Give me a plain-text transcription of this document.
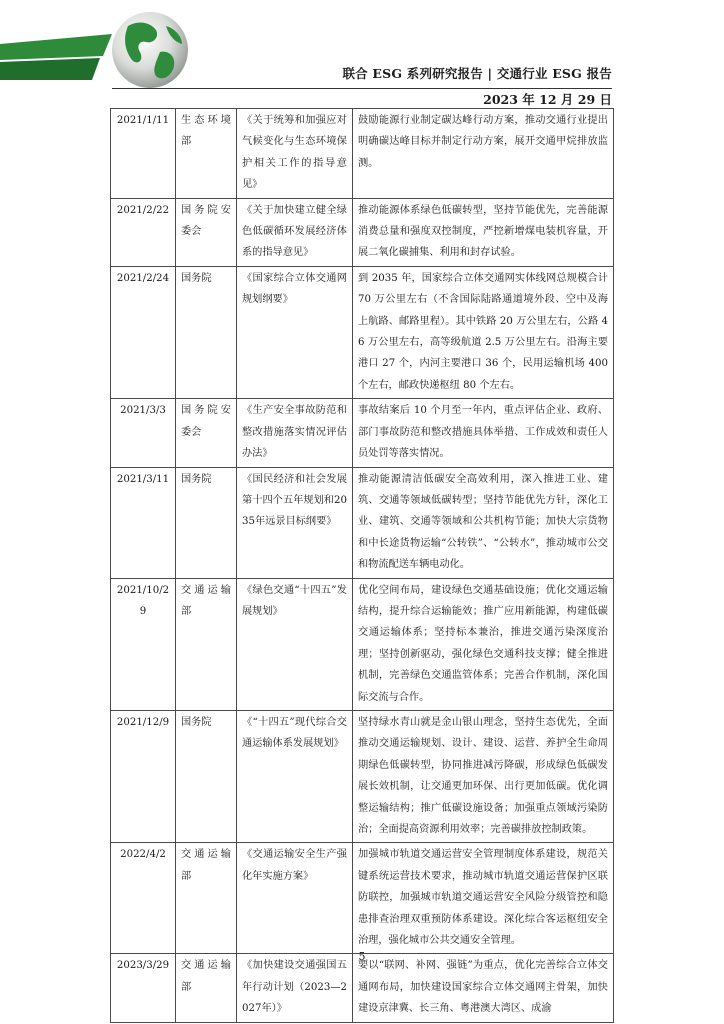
联合 ESG 系列研究报告 | 交通行业 ESG 报告
2023 年 12 月 29 日
2021/1/11	生态环境部	《关于统筹和加强应对气候变化与生态环境保护相关工作的指导意见》	鼓励能源行业制定碳达峰行动方案，推动交通行业提出明确碳达峰目标并制定行动方案，展开交通甲烷排放监测。
2021/2/22	国务院安委会	《关于加快建立健全绿色低碳循环发展经济体系的指导意见》	推动能源体系绿色低碳转型，坚持节能优先，完善能源消费总量和强度双控制度，严控新增煤电装机容量，开展二氧化碳捕集、利用和封存试验。
2021/2/24	国务院	《国家综合立体交通网规划纲要》	到 2035 年，国家综合立体交通网实体线网总规模合计 70 万公里左右（不含国际陆路通道境外段、空中及海上航路、邮路里程）。其中铁路 20 万公里左右，公路 46 万公里左右，高等级航道 2.5 万公里左右。沿海主要港口 27 个，内河主要港口 36 个，民用运输机场 400 个左右，邮政快递枢纽 80 个左右。
2021/3/3	国务院安委会	《生产安全事故防范和整改措施落实情况评估办法》	事故结案后 10 个月至一年内，重点评估企业、政府、部门事故防范和整改措施具体举措、工作成效和责任人员处罚等落实情况。
2021/3/11	国务院	《国民经济和社会发展第十四个五年规划和2035年远景目标纲要》	推动能源清洁低碳安全高效利用，深入推进工业、建筑、交通等领域低碳转型；坚持节能优先方针，深化工业、建筑、交通等领域和公共机构节能；加快大宗货物和中长途货物运输“公转铁”、“公转水”，推动城市公交和物流配送车辆电动化。
2021/10/29	交通运输部	《绿色交通“十四五”发展规划》	优化空间布局，建设绿色交通基础设施；优化交通运输结构，提升综合运输能效；推广应用新能源，构建低碳交通运输体系；坚持标本兼治，推进交通污染深度治理；坚持创新驱动，强化绿色交通科技支撑；健全推进机制，完善绿色交通监管体系；完善合作机制，深化国际交流与合作。
2021/12/9	国务院	《“十四五”现代综合交通运输体系发展规划》	坚持绿水青山就是金山银山理念，坚持生态优先，全面推动交通运输规划、设计、建设、运营、养护全生命周期绿色低碳转型，协同推进减污降碳，形成绿色低碳发展长效机制，让交通更加环保、出行更加低碳。优化调整运输结构；推广低碳设施设备；加强重点领域污染防治；全面提高资源利用效率；完善碳排放控制政策。
2022/4/2	交通运输部	《交通运输安全生产强化年实施方案》	加强城市轨道交通运营安全管理制度体系建设，规范关键系统运营技术要求，推动城市轨道交通运营保护区联防联控，加强城市轨道交通运营安全风险分级管控和隐患排查治理双重预防体系建设。深化综合客运枢纽安全治理，强化城市公共交通安全管理。
2023/3/29	交通运输部	《加快建设交通强国五年行动计划（2023—2027年）》	要以“联网、补网、强链”为重点，优化完善综合立体交通网布局，加快建设国家综合立体交通网主骨架，加快建设京津冀、长三角、粤港澳大湾区、成渝
5
